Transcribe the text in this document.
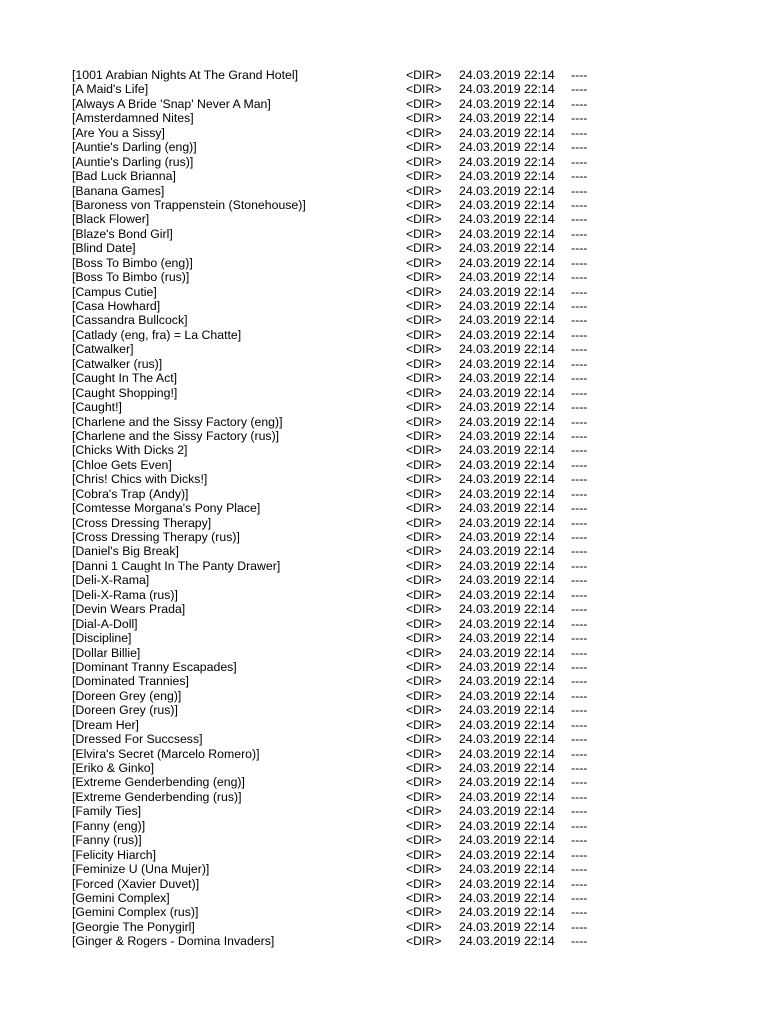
[1001 Arabian Nights At The Grand Hotel]	<DIR> 24.03.2019 22:14 ----
[A Maid's Life]	<DIR> 24.03.2019 22:14 ----
[Always A Bride 'Snap' Never A Man]	<DIR> 24.03.2019 22:14 ----
[Amsterdamned Nites]	<DIR> 24.03.2019 22:14 ----
[Are You a Sissy]	<DIR> 24.03.2019 22:14 ----
[Auntie's Darling (eng)]	<DIR> 24.03.2019 22:14 ----
[Auntie's Darling (rus)]	<DIR> 24.03.2019 22:14 ----
[Bad Luck Brianna]	<DIR> 24.03.2019 22:14 ----
[Banana Games]	<DIR> 24.03.2019 22:14 ----
[Baroness von Trappenstein (Stonehouse)]	<DIR> 24.03.2019 22:14 ----
[Black Flower]	<DIR> 24.03.2019 22:14 ----
[Blaze's Bond Girl]	<DIR> 24.03.2019 22:14 ----
[Blind Date]	<DIR> 24.03.2019 22:14 ----
[Boss To Bimbo (eng)]	<DIR> 24.03.2019 22:14 ----
[Boss To Bimbo (rus)]	<DIR> 24.03.2019 22:14 ----
[Campus Cutie]	<DIR> 24.03.2019 22:14 ----
[Casa Howhard]	<DIR> 24.03.2019 22:14 ----
[Cassandra Bullcock]	<DIR> 24.03.2019 22:14 ----
[Catlady (eng, fra) = La Chatte]	<DIR> 24.03.2019 22:14 ----
[Catwalker]	<DIR> 24.03.2019 22:14 ----
[Catwalker (rus)]	<DIR> 24.03.2019 22:14 ----
[Caught In The Act]	<DIR> 24.03.2019 22:14 ----
[Caught Shopping!]	<DIR> 24.03.2019 22:14 ----
[Caught!]	<DIR> 24.03.2019 22:14 ----
[Charlene and the Sissy Factory (eng)]	<DIR> 24.03.2019 22:14 ----
[Charlene and the Sissy Factory (rus)]	<DIR> 24.03.2019 22:14 ----
[Chicks With Dicks 2]	<DIR> 24.03.2019 22:14 ----
[Chloe Gets Even]	<DIR> 24.03.2019 22:14 ----
[Chris! Chics with Dicks!]	<DIR> 24.03.2019 22:14 ----
[Cobra's Trap (Andy)]	<DIR> 24.03.2019 22:14 ----
[Comtesse Morgana's Pony Place]	<DIR> 24.03.2019 22:14 ----
[Cross Dressing Therapy]	<DIR> 24.03.2019 22:14 ----
[Cross Dressing Therapy (rus)]	<DIR> 24.03.2019 22:14 ----
[Daniel's Big Break]	<DIR> 24.03.2019 22:14 ----
[Danni 1 Caught In The Panty Drawer]	<DIR> 24.03.2019 22:14 ----
[Deli-X-Rama]	<DIR> 24.03.2019 22:14 ----
[Deli-X-Rama (rus)]	<DIR> 24.03.2019 22:14 ----
[Devin Wears Prada]	<DIR> 24.03.2019 22:14 ----
[Dial-A-Doll]	<DIR> 24.03.2019 22:14 ----
[Discipline]	<DIR> 24.03.2019 22:14 ----
[Dollar Billie]	<DIR> 24.03.2019 22:14 ----
[Dominant Tranny Escapades]	<DIR> 24.03.2019 22:14 ----
[Dominated Trannies]	<DIR> 24.03.2019 22:14 ----
[Doreen Grey (eng)]	<DIR> 24.03.2019 22:14 ----
[Doreen Grey (rus)]	<DIR> 24.03.2019 22:14 ----
[Dream Her]	<DIR> 24.03.2019 22:14 ----
[Dressed For Succsess]	<DIR> 24.03.2019 22:14 ----
[Elvira's Secret (Marcelo Romero)]	<DIR> 24.03.2019 22:14 ----
[Eriko & Ginko]	<DIR> 24.03.2019 22:14 ----
[Extreme Genderbending (eng)]	<DIR> 24.03.2019 22:14 ----
[Extreme Genderbending (rus)]	<DIR> 24.03.2019 22:14 ----
[Family Ties]	<DIR> 24.03.2019 22:14 ----
[Fanny (eng)]	<DIR> 24.03.2019 22:14 ----
[Fanny (rus)]	<DIR> 24.03.2019 22:14 ----
[Felicity Hiarch]	<DIR> 24.03.2019 22:14 ----
[Feminize U (Una Mujer)]	<DIR> 24.03.2019 22:14 ----
[Forced (Xavier Duvet)]	<DIR> 24.03.2019 22:14 ----
[Gemini Complex]	<DIR> 24.03.2019 22:14 ----
[Gemini Complex (rus)]	<DIR> 24.03.2019 22:14 ----
[Georgie The Ponygirl]	<DIR> 24.03.2019 22:14 ----
[Ginger & Rogers - Domina Invaders]	<DIR> 24.03.2019 22:14 ----
